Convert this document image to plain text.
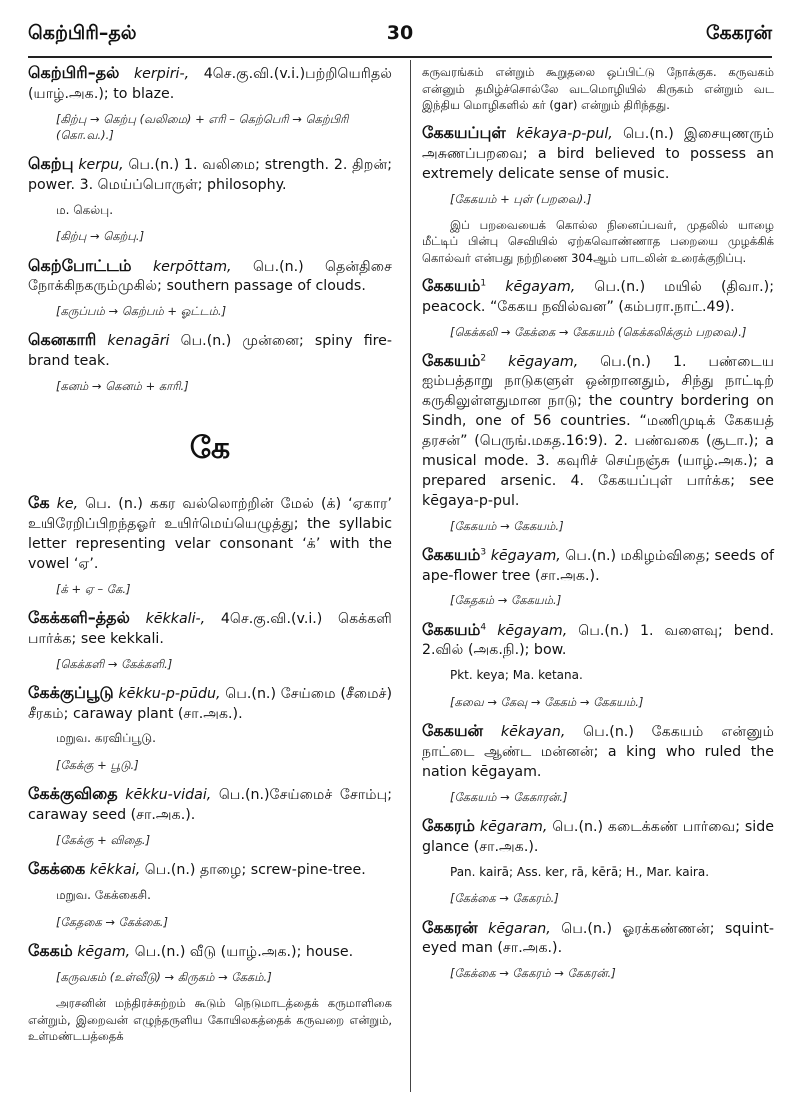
கெற்பிரி–தல்	30	கேகரன்
கெற்பிரி–தல் kerpiri-, 4செ.கு.வி.(v.i.)பற்றியெரிதல் (யாழ்.அக.); to blaze.
[கிற்பு → கெற்பு (வலிமை) + எரி – கெற்பெரி → கெற்பிரி (கொ.வ.).]
கெற்பு kerpu, பெ.(n.) 1. வலிமை; strength. 2. திறன்; power. 3. மெய்ப்பொருள்; philosophy.
ம. கெல்பு.
[கிற்பு → கெற்பு.]
கெற்போட்டம் kerpōttam, பெ.(n.) தென்திசை நோக்கிநகரும்முகில்; southern passage of clouds.
[கருப்பம் → கெற்பம் + ஓட்டம்.]
கெனகாரி kenagāri பெ.(n.) முன்னை; spiny fire-brand teak.
[கனம் → கெனம் + காரி.]
கே
கே ke, பெ. (n.) ககர வல்லொற்றின் மேல் (க்) ‘ஏகார’ உயிரேறிப்பிறந்தஓர் உயிர்மெய்யெழுத்து; the syllabic letter representing velar consonant ‘க்’ with the vowel ‘ஏ’.
[க் + ஏ – கே.]
கேக்களி–த்தல் kēkkali-, 4செ.கு.வி.(v.i.) கெக்களி பார்க்க; see kekkali.
[கெக்களி → கேக்களி.]
கேக்குப்பூடு kēkku-p-pūdu, பெ.(n.) சேய்மை (சீமைச்) சீரகம்; caraway plant (சா.அக.).
மறுவ. கரவிப்பூடு.
[கேக்கு + பூடு.]
கேக்குவிதை kēkku-vidai, பெ.(n.)சேய்மைச் சோம்பு; caraway seed (சா.அக.).
[கேக்கு + விதை.]
கேக்கை kēkkai, பெ.(n.) தாழை; screw-pine-tree.
மறுவ. கேக்கைசி.
[கேதகை → கேக்கை.]
கேகம் kēgam, பெ.(n.) வீடு (யாழ்.அக.); house.
[கருவகம் (உள்வீடு) → கிருகம் → கேகம்.]
அரசனின் மந்திரச்சுற்றம் கூடும் நெடுமாடத்தைக் கருமாளிகை என்றும், இறைவன் எழுந்தருளிய கோயிலகத்தைக் கருவறை என்றும், உள்மண்டபத்தைக்
கருவரங்கம் என்றும் கூறுதலை ஒப்பிட்டு நோக்குக. கருவகம் என்னும் தமிழ்ச்சொல்லே வடமொழியில் கிருகம் என்றும் வட இந்திய மொழிகளில் கர் (gar) என்றும் திரிந்தது.
கேகயப்புள் kēkaya-p-pul, பெ.(n.) இசையுணரும் அசுணப்பறவை; a bird believed to possess an extremely delicate sense of music.
[கேகயம் + புள் (பறவை).]
இப் பறவையைக் கொல்ல நினைப்பவர், முதலில் யாழை மீட்டிப் பின்பு செவியில் ஏற்கவொண்ணாத பறையை முழக்கிக் கொல்வர் என்பது நற்றிணை 304ஆம் பாடலின் உரைக்குறிப்பு.
கேகயம்$^1$ kēgayam, பெ.(n.) மயில் (திவா.); peacock. “கேகய நவில்வன” (கம்பரா.நாட்.49).
[கெக்கலி → கேக்கை → கேகயம் (கெக்கலிக்கும் பறவை).]
கேகயம்$^2$ kēgayam, பெ.(n.) 1. பண்டைய ஐம்பத்தாறு நாடுகளுள் ஒன்றானதும், சிந்து நாட்டிற் கருகிலுள்ளதுமான நாடு; the country bordering on Sindh, one of 56 countries. “மணிமுடிக் கேகயத் தரசன்” (பெருங்.மகத.16:9). 2. பண்வகை (சூடா.); a musical mode. 3. கவுரிச் செய்நஞ்சு (யாழ்.அக.); a prepared arsenic. 4. கேகயப்புள் பார்க்க; see kēgaya-p-pul.
[கேகயம் → கேகயம்.]
கேகயம்$^3$ kēgayam, பெ.(n.) மகிழம்விதை; seeds of ape-flower tree (சா.அக.).
[கேதகம் → கேகயம்.]
கேகயம்$^4$ kēgayam, பெ.(n.) 1. வளைவு; bend. 2.வில் (அக.நி.); bow.
Pkt. keya; Ma. ketana.
[கவை → கேவு → கேகம் → கேகயம்.]
கேகயன் kēkayan, பெ.(n.) கேகயம் என்னும் நாட்டை ஆண்ட மன்னன்; a king who ruled the nation kēgayam.
[கேகயம் → கேகாரன்.]
கேகரம் kēgaram, பெ.(n.) கடைக்கண் பார்வை; side glance (சா.அக.).
Pan. kairā; Ass. ker, rā, kērā; H., Mar. kaira.
[கேக்கை → கேகரம்.]
கேகரன் kēgaran, பெ.(n.) ஓரக்கண்ணன்; squint-eyed man (சா.அக.).
[கேக்கை → கேகரம் → கேகரன்.]
